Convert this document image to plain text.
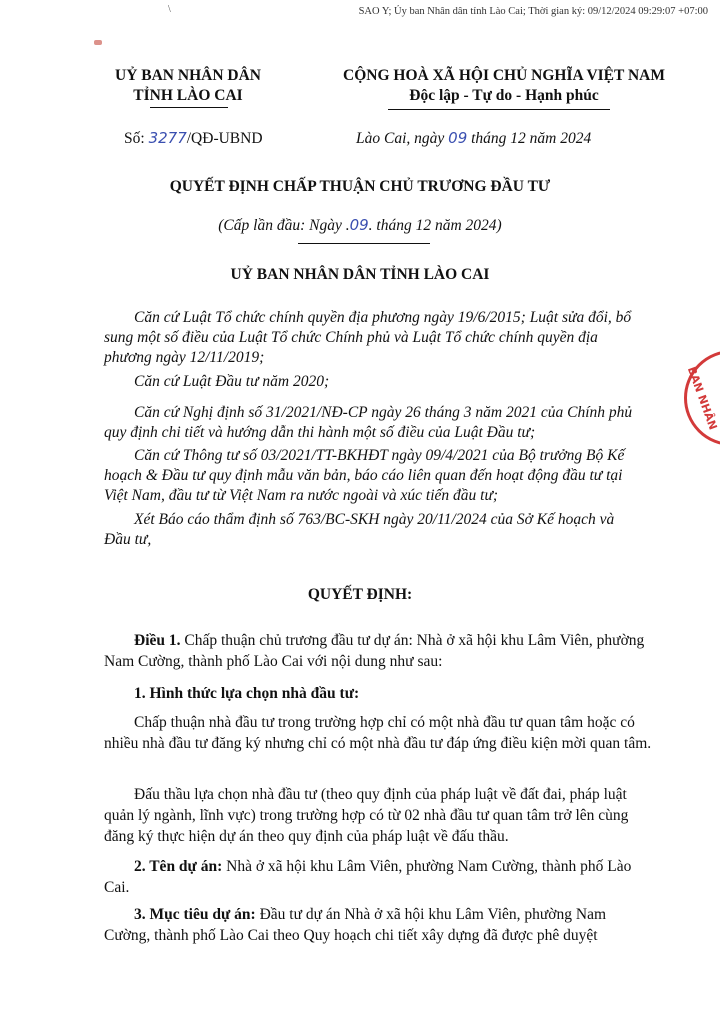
SAO Y; Ủy ban Nhân dân tỉnh Lào Cai; Thời gian ký: 09/12/2024 09:29:07 +07:00
\
UỶ BAN NHÂN DÂN
TỈNH LÀO CAI
CỘNG HOÀ XÃ HỘI CHỦ NGHĨA VIỆT NAM
Độc lập - Tự do - Hạnh phúc
Số: 3277/QĐ-UBND	Lào Cai, ngày 09 tháng 12 năm 2024
QUYẾT ĐỊNH CHẤP THUẬN CHỦ TRƯƠNG ĐẦU TƯ
(Cấp lần đầu: Ngày .09. tháng 12 năm 2024)
UỶ BAN NHÂN DÂN TỈNH LÀO CAI

Căn cứ Luật Tổ chức chính quyền địa phương ngày 19/6/2015; Luật sửa đổi, bổ sung một số điều của Luật Tổ chức Chính phủ và Luật Tổ chức chính quyền địa phương ngày 12/11/2019;

Căn cứ Luật Đầu tư năm 2020;

Căn cứ Nghị định số 31/2021/NĐ-CP ngày 26 tháng 3 năm 2021 của Chính phủ quy định chi tiết và hướng dẫn thi hành một số điều của Luật Đầu tư;

Căn cứ Thông tư số 03/2021/TT-BKHĐT ngày 09/4/2021 của Bộ trưởng Bộ Kế hoạch & Đầu tư quy định mẫu văn bản, báo cáo liên quan đến hoạt động đầu tư tại Việt Nam, đầu tư từ Việt Nam ra nước ngoài và xúc tiến đầu tư;

Xét Báo cáo thẩm định số 763/BC-SKH ngày 20/11/2024 của Sở Kế hoạch và Đầu tư,

QUYẾT ĐỊNH:

Điều 1. Chấp thuận chủ trương đầu tư dự án: Nhà ở xã hội khu Lâm Viên, phường Nam Cường, thành phố Lào Cai với nội dung như sau:

1. Hình thức lựa chọn nhà đầu tư:

Chấp thuận nhà đầu tư trong trường hợp chỉ có một nhà đầu tư quan tâm hoặc có nhiều nhà đầu tư đăng ký nhưng chỉ có một nhà đầu tư đáp ứng điều kiện mời quan tâm.

Đấu thầu lựa chọn nhà đầu tư (theo quy định của pháp luật về đất đai, pháp luật quản lý ngành, lĩnh vực) trong trường hợp có từ 02 nhà đầu tư quan tâm trở lên cùng đăng ký thực hiện dự án theo quy định của pháp luật về đấu thầu.

2. Tên dự án: Nhà ở xã hội khu Lâm Viên, phường Nam Cường, thành phố Lào Cai.

3. Mục tiêu dự án: Đầu tư dự án Nhà ở xã hội khu Lâm Viên, phường Nam Cường, thành phố Lào Cai theo Quy hoạch chi tiết xây dựng đã được phê duyệt

BAN NHÂN
